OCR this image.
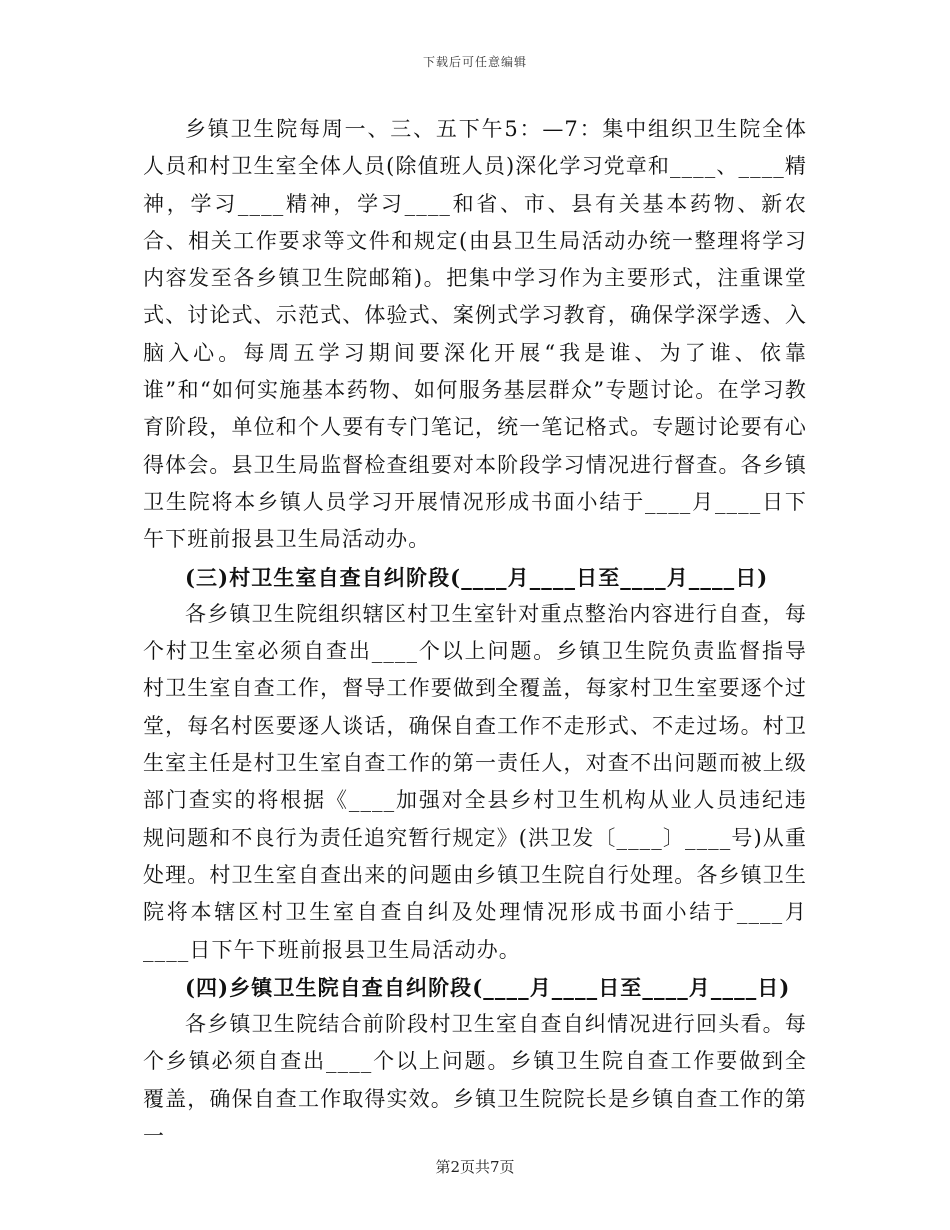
下载后可任意编辑

乡镇卫生院每周一、三、五下午5：—7：集中组织卫生院全体人员和村卫生室全体人员(除值班人员)深化学习党章和____、____精神，学习____精神，学习____和省、市、县有关基本药物、新农合、相关工作要求等文件和规定(由县卫生局活动办统一整理将学习内容发至各乡镇卫生院邮箱)。把集中学习作为主要形式，注重课堂式、讨论式、示范式、体验式、案例式学习教育，确保学深学透、入脑入心。每周五学习期间要深化开展“我是谁、为了谁、依靠谁”和“如何实施基本药物、如何服务基层群众”专题讨论。在学习教育阶段，单位和个人要有专门笔记，统一笔记格式。专题讨论要有心得体会。县卫生局监督检查组要对本阶段学习情况进行督查。各乡镇卫生院将本乡镇人员学习开展情况形成书面小结于____月____日下午下班前报县卫生局活动办。

(三)村卫生室自查自纠阶段(____月____日至____月____日)

各乡镇卫生院组织辖区村卫生室针对重点整治内容进行自查，每个村卫生室必须自查出____个以上问题。乡镇卫生院负责监督指导村卫生室自查工作，督导工作要做到全覆盖，每家村卫生室要逐个过堂，每名村医要逐人谈话，确保自查工作不走形式、不走过场。村卫生室主任是村卫生室自查工作的第一责任人，对查不出问题而被上级部门查实的将根据《____加强对全县乡村卫生机构从业人员违纪违规问题和不良行为责任追究暂行规定》(洪卫发〔____〕____号)从重处理。村卫生室自查出来的问题由乡镇卫生院自行处理。各乡镇卫生院将本辖区村卫生室自查自纠及处理情况形成书面小结于____月____日下午下班前报县卫生局活动办。

(四)乡镇卫生院自查自纠阶段(____月____日至____月____日)

各乡镇卫生院结合前阶段村卫生室自查自纠情况进行回头看。每个乡镇必须自查出____个以上问题。乡镇卫生院自查工作要做到全覆盖，确保自查工作取得实效。乡镇卫生院院长是乡镇自查工作的第一

第2页共7页
